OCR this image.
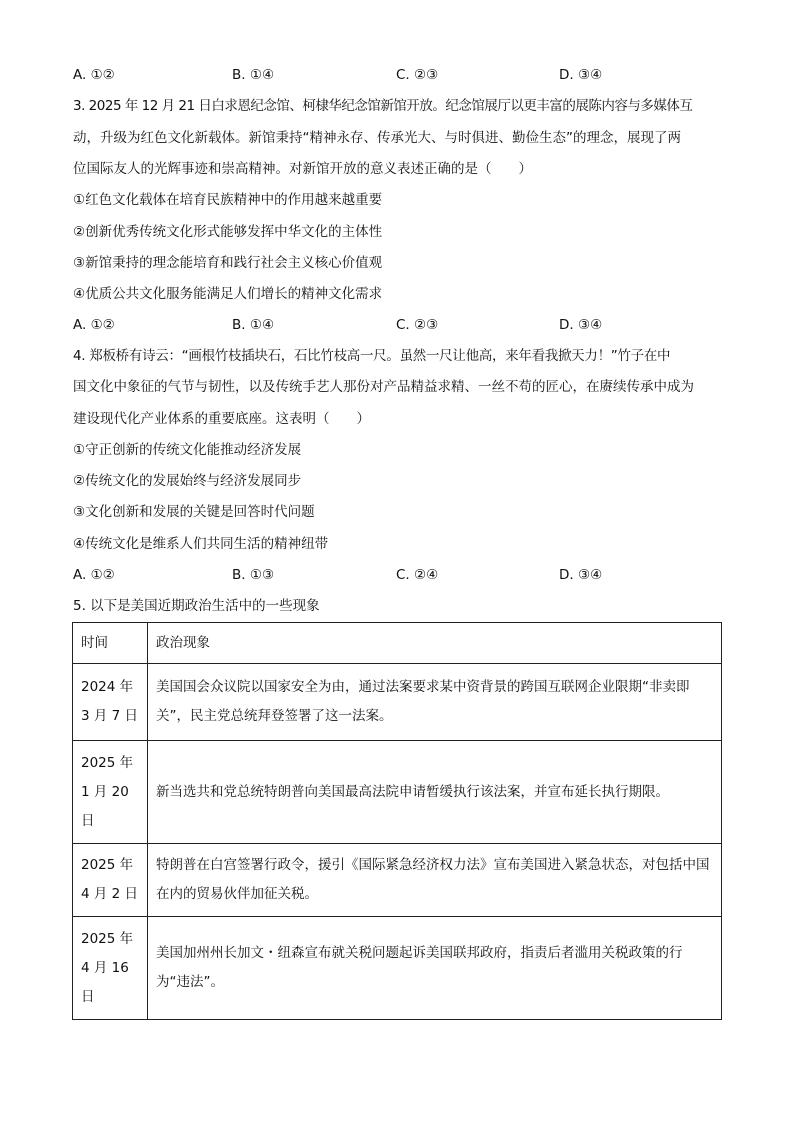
A. ①②	B. ①④	C. ②③	D. ③④
3. 2025 年 12 月 21 日白求恩纪念馆、柯棣华纪念馆新馆开放。纪念馆展厅以更丰富的展陈内容与多媒体互
动，升级为红色文化新载体。新馆秉持“精神永存、传承光大、与时俱进、勤俭生态”的理念，展现了两
位国际友人的光辉事迹和崇高精神。对新馆开放的意义表述正确的是（　　）
①红色文化载体在培育民族精神中的作用越来越重要
②创新优秀传统文化形式能够发挥中华文化的主体性
③新馆秉持的理念能培育和践行社会主义核心价值观
④优质公共文化服务能满足人们增长的精神文化需求
A. ①②	B. ①④	C. ②③	D. ③④
4. 郑板桥有诗云：“画根竹枝插块石，石比竹枝高一尺。虽然一尺让他高，来年看我掀天力！”竹子在中
国文化中象征的气节与韧性，以及传统手艺人那份对产品精益求精、一丝不苟的匠心，在赓续传承中成为
建设现代化产业体系的重要底座。这表明（　　）
①守正创新的传统文化能推动经济发展
②传统文化的发展始终与经济发展同步
③文化创新和发展的关键是回答时代问题
④传统文化是维系人们共同生活的精神纽带
A. ①②	B. ①③	C. ②④	D. ③④
5. 以下是美国近期政治生活中的一些现象
时间	政治现象

2024 年 3 月 7 日	美国国会众议院以国家安全为由，通过法案要求某中资背景的跨国互联网企业限期“非卖即关”，民主党总统拜登签署了这一法案。

2025 年 1 月 20 日	新当选共和党总统特朗普向美国最高法院申请暂缓执行该法案，并宣布延长执行期限。

2025 年 4 月 2 日	特朗普在白宫签署行政令，援引《国际紧急经济权力法》宣布美国进入紧急状态，对包括中国在内的贸易伙伴加征关税。

2025 年 4 月 16 日	美国加州州长加文・纽森宣布就关税问题起诉美国联邦政府，指责后者滥用关税政策的行为“违法”。
